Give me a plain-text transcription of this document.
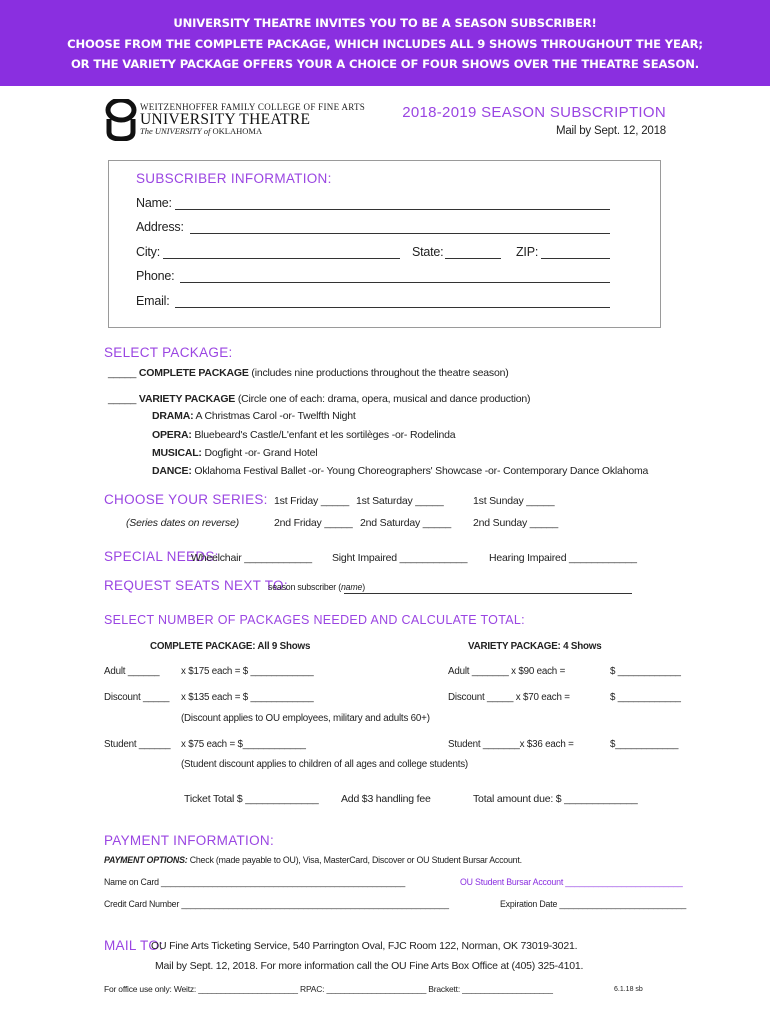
UNIVERSITY THEATRE INVITES YOU TO BE A SEASON SUBSCRIBER!
CHOOSE FROM THE COMPLETE PACKAGE, WHICH INCLUDES ALL 9 SHOWS THROUGHOUT THE YEAR;
OR THE VARIETY PACKAGE OFFERS YOUR A CHOICE OF FOUR SHOWS OVER THE THEATRE SEASON.
WEITZENHOFFER FAMILY COLLEGE OF FINE ARTS
UNIVERSITY THEATRE
The UNIVERSITY of OKLAHOMA
2018-2019 SEASON SUBSCRIPTION
Mail by Sept. 12, 2018
SUBSCRIBER INFORMATION:
Name:
Address:
City:	State:	ZIP:
Phone:
Email:
SELECT PACKAGE:
_____ COMPLETE PACKAGE (includes nine productions throughout the theatre season)
_____ VARIETY PACKAGE (Circle one of each: drama, opera, musical and dance production)
DRAMA: A Christmas Carol -or- Twelfth Night
OPERA: Bluebeard's Castle/L'enfant et les sortilèges -or- Rodelinda
MUSICAL: Dogfight -or- Grand Hotel
DANCE: Oklahoma Festival Ballet -or- Young Choreographers' Showcase -or- Contemporary Dance Oklahoma
CHOOSE YOUR SERIES:
(Series dates on reverse)
1st Friday _____ 1st Saturday _____	1st Sunday _____
2nd Friday _____ 2nd Saturday _____ 2nd Sunday _____
SPECIAL NEEDS:
Wheelchair ____________ Sight Impaired ____________ Hearing Impaired ____________
REQUEST SEATS NEXT TO:
season subscriber (name)
SELECT NUMBER OF PACKAGES NEEDED AND CALCULATE TOTAL:
COMPLETE PACKAGE: All 9 Shows	VARIETY PACKAGE: 4 Shows
Adult ______ x $175 each = $ ____________	Adult _______ x $90 each =	$ ____________
Discount _____ x $135 each = $ ____________	Discount _____ x $70 each =	$ ____________
(Discount applies to OU employees, military and adults 60+)
Student ______ x $75 each = $____________	Student _______x $36 each =	$____________
(Student discount applies to children of all ages and college students)
Ticket Total $ _____________ Add $3 handling fee	Total amount due: $ _____________
PAYMENT INFORMATION:
PAYMENT OPTIONS: Check (made payable to OU), Visa, MasterCard, Discover or OU Student Bursar Account.
Name on Card ____________________________________________________	OU Student Bursar Account _________________________
Credit Card Number _________________________________________________________	Expiration Date ___________________________
MAIL TO:
OU Fine Arts Ticketing Service, 540 Parrington Oval, FJC Room 122, Norman, OK 73019-3021.
Mail by Sept. 12, 2018. For more information call the OU Fine Arts Box Office at (405) 325-4101.
For office use only: Weitz: ______________________ RPAC: ______________________ Brackett: ____________________	6.1.18 sb
